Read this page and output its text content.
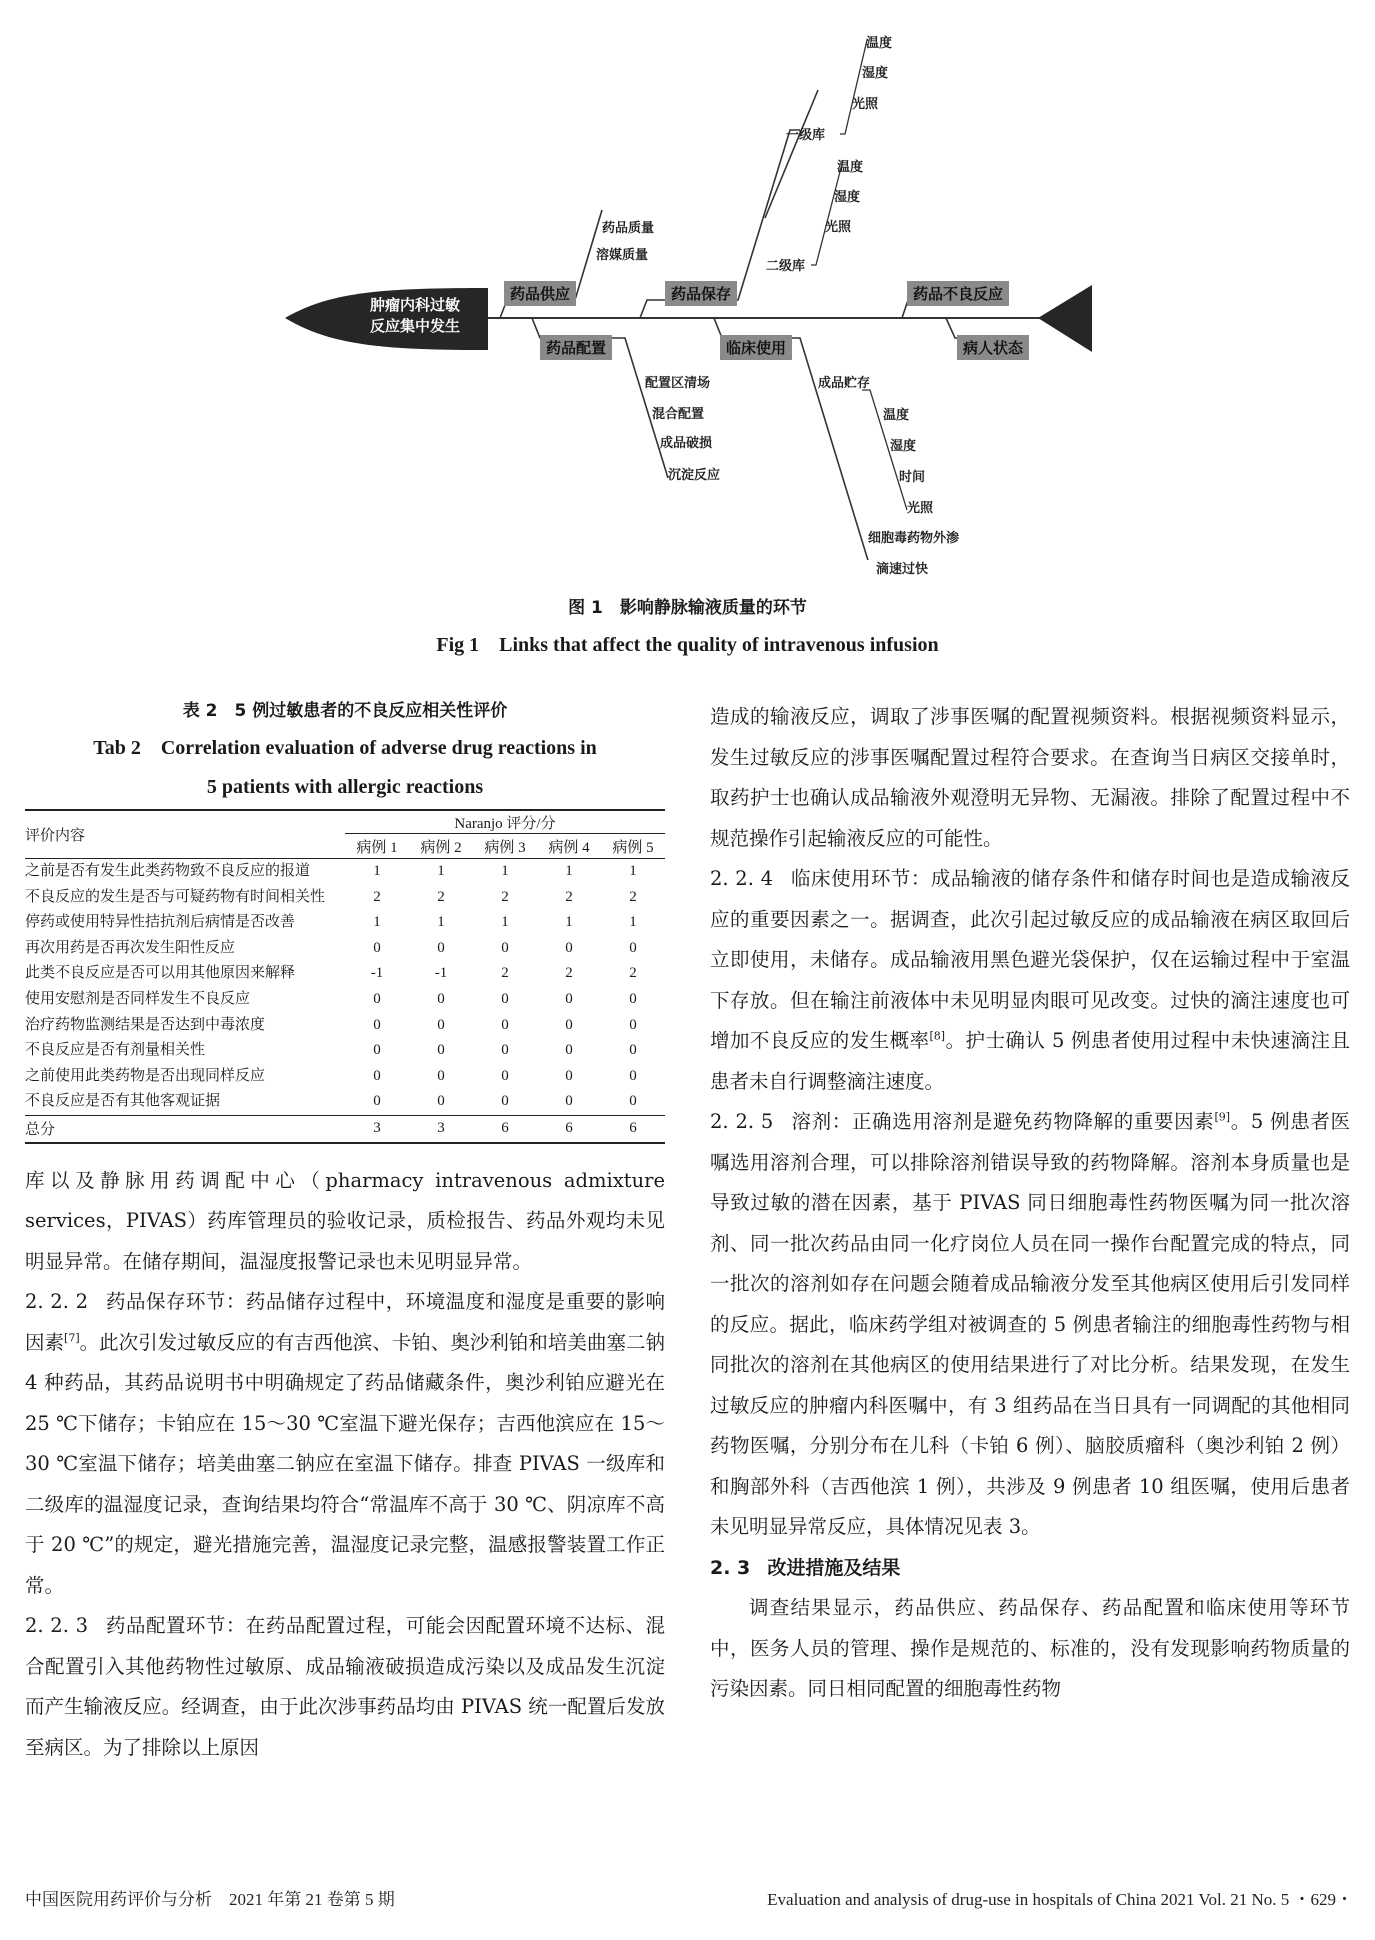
肿瘤内科过敏
反应集中发生
药品供应	药品保存	药品不良反应
药品配置	临床使用	病人状态
药品质量
溶媒质量
一级库
二级库
温度
湿度
光照
温度
湿度
光照
配置区清场
混合配置
成品破损
沉淀反应
成品贮存
温度
湿度
时间
光照
细胞毒药物外渗
滴速过快
图 1　影响静脉输液质量的环节
Fig 1　Links that affect the quality of intravenous infusion
表 2　5 例过敏患者的不良反应相关性评价
Tab 2　Correlation evaluation of adverse drug reactions in
5 patients with allergic reactions
评价内容	Naranjo 评分/分				
	病例 1	病例 2	病例 3	病例 4	病例 5
之前是否有发生此类药物致不良反应的报道	1	1	1	1	1
不良反应的发生是否与可疑药物有时间相关性	2	2	2	2	2
停药或使用特异性拮抗剂后病情是否改善	1	1	1	1	1
再次用药是否再次发生阳性反应	0	0	0	0	0
此类不良反应是否可以用其他原因来解释	-1	-1	2	2	2
使用安慰剂是否同样发生不良反应	0	0	0	0	0
治疗药物监测结果是否达到中毒浓度	0	0	0	0	0
不良反应是否有剂量相关性	0	0	0	0	0
之前使用此类药物是否出现同样反应	0	0	0	0	0
不良反应是否有其他客观证据	0	0	0	0	0
总分	3	3	6	6	6

库以及静脉用药调配中心（pharmacy intravenous admixture services，PIVAS）药库管理员的验收记录，质检报告、药品外观均未见明显异常。在储存期间，温湿度报警记录也未见明显异常。

2. 2. 2 药品保存环节：药品储存过程中，环境温度和湿度是重要的影响因素[7]。此次引发过敏反应的有吉西他滨、卡铂、奥沙利铂和培美曲塞二钠 4 种药品，其药品说明书中明确规定了药品储藏条件，奥沙利铂应避光在 25 ℃下储存；卡铂应在 15～30 ℃室温下避光保存；吉西他滨应在 15～30 ℃室温下储存；培美曲塞二钠应在室温下储存。排查 PIVAS 一级库和二级库的温湿度记录，查询结果均符合“常温库不高于 30 ℃、阴凉库不高于 20 ℃”的规定，避光措施完善，温湿度记录完整，温感报警装置工作正常。

2. 2. 3 药品配置环节：在药品配置过程，可能会因配置环境不达标、混合配置引入其他药物性过敏原、成品输液破损造成污染以及成品发生沉淀而产生输液反应。经调查，由于此次涉事药品均由 PIVAS 统一配置后发放至病区。为了排除以上原因

造成的输液反应，调取了涉事医嘱的配置视频资料。根据视频资料显示，发生过敏反应的涉事医嘱配置过程符合要求。在查询当日病区交接单时，取药护士也确认成品输液外观澄明无异物、无漏液。排除了配置过程中不规范操作引起输液反应的可能性。

2. 2. 4 临床使用环节：成品输液的储存条件和储存时间也是造成输液反应的重要因素之一。据调查，此次引起过敏反应的成品输液在病区取回后立即使用，未储存。成品输液用黑色避光袋保护，仅在运输过程中于室温下存放。但在输注前液体中未见明显肉眼可见改变。过快的滴注速度也可增加不良反应的发生概率[8]。护士确认 5 例患者使用过程中未快速滴注且患者未自行调整滴注速度。

2. 2. 5 溶剂：正确选用溶剂是避免药物降解的重要因素[9]。5 例患者医嘱选用溶剂合理，可以排除溶剂错误导致的药物降解。溶剂本身质量也是导致过敏的潜在因素，基于 PIVAS 同日细胞毒性药物医嘱为同一批次溶剂、同一批次药品由同一化疗岗位人员在同一操作台配置完成的特点，同一批次的溶剂如存在问题会随着成品输液分发至其他病区使用后引发同样的反应。据此，临床药学组对被调查的 5 例患者输注的细胞毒性药物与相同批次的溶剂在其他病区的使用结果进行了对比分析。结果发现，在发生过敏反应的肿瘤内科医嘱中，有 3 组药品在当日具有一同调配的其他相同药物医嘱，分别分布在儿科（卡铂 6 例）、脑胶质瘤科（奥沙利铂 2 例）和胸部外科（吉西他滨 1 例），共涉及 9 例患者 10 组医嘱，使用后患者未见明显异常反应，具体情况见表 3。

2. 3 改进措施及结果

调查结果显示，药品供应、药品保存、药品配置和临床使用等环节中，医务人员的管理、操作是规范的、标准的，没有发现影响药物质量的污染因素。同日相同配置的细胞毒性药物

中国医院用药评价与分析　2021 年第 21 卷第 5 期	Evaluation and analysis of drug-use in hospitals of China 2021 Vol. 21 No. 5 ・629・
